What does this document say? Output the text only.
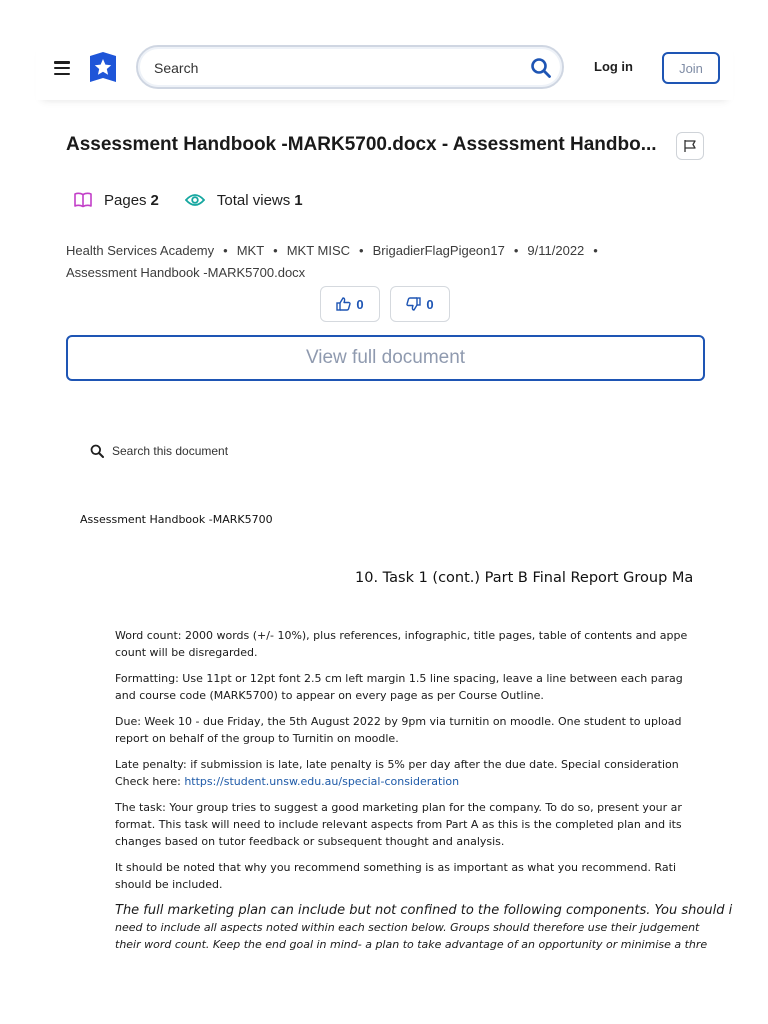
Search
Log in	Join
Assessment Handbook -MARK5700.docx - Assessment Handbo...
Pages 2	Total views 1
Health Services Academy • MKT • MKT MISC • BrigadierFlagPigeon17 • 9/11/2022 •
Assessment Handbook -MARK5700.docx
0	0
View full document
Search this document
Assessment Handbook -MARK5700
10. Task 1 (cont.) Part B Final Report Group Ma

Word count: 2000 words (+/- 10%), plus references, infographic, title pages, table of contents and appe
count will be disregarded.

Formatting: Use 11pt or 12pt font 2.5 cm left margin 1.5 line spacing, leave a line between each parag
and course code (MARK5700) to appear on every page as per Course Outline.

Due: Week 10 - due Friday, the 5th August 2022 by 9pm via turnitin on moodle. One student to upload
report on behalf of the group to Turnitin on moodle.

Late penalty: if submission is late, late penalty is 5% per day after the due date. Special consideration
Check here: https://student.unsw.edu.au/special-consideration

The task: Your group tries to suggest a good marketing plan for the company. To do so, present your ar
format. This task will need to include relevant aspects from Part A as this is the completed plan and its
changes based on tutor feedback or subsequent thought and analysis.

It should be noted that why you recommend something is as important as what you recommend. Rati
should be included.

The full marketing plan can include but not confined to the following components. You should i
need to include all aspects noted within each section below. Groups should therefore use their judgement
their word count. Keep the end goal in mind- a plan to take advantage of an opportunity or minimise a thre
